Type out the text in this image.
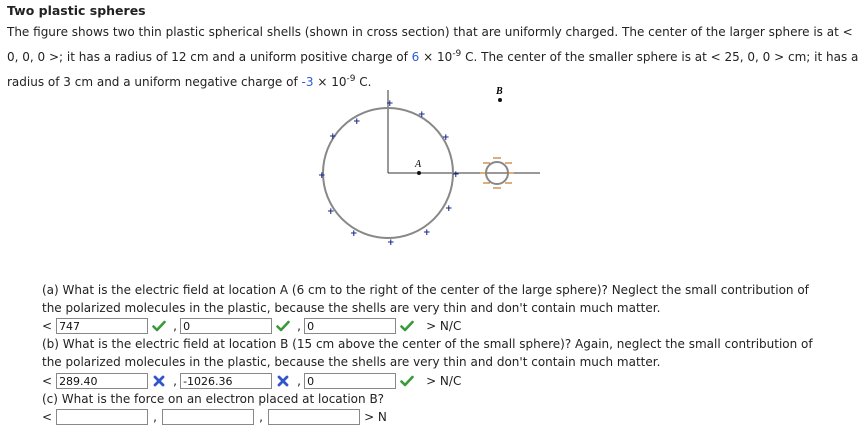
Two plastic spheres
The figure shows two thin plastic spherical shells (shown in cross section) that are uniformly charged. The center of the larger sphere is at <
0, 0, 0 >; it has a radius of 12 cm and a uniform positive charge of $6 \times 10^{-9}$ C. The center of the smaller sphere is at < 25, 0, 0 > cm; it has a
radius of 3 cm and a uniform negative charge of $-3 \times 10^{-9}$ C.
A
B
+
+
+
+
+
+
+
+
+
+
+
+
(a) What is the electric field at location A (6 cm to the right of the center of the large sphere)? Neglect the small contribution of the polarized molecules in the plastic, because the shells are very thin and don't contain much matter.
<
747	,
0	,
0	> N/C
(b) What is the electric field at location B (15 cm above the center of the small sphere)? Again, neglect the small contribution of the polarized molecules in the plastic, because the shells are very thin and don't contain much matter.
<
289.40	,
-1026.36	,
0	> N/C
(c) What is the force on an electron placed at location B?
<	,	,	> N
